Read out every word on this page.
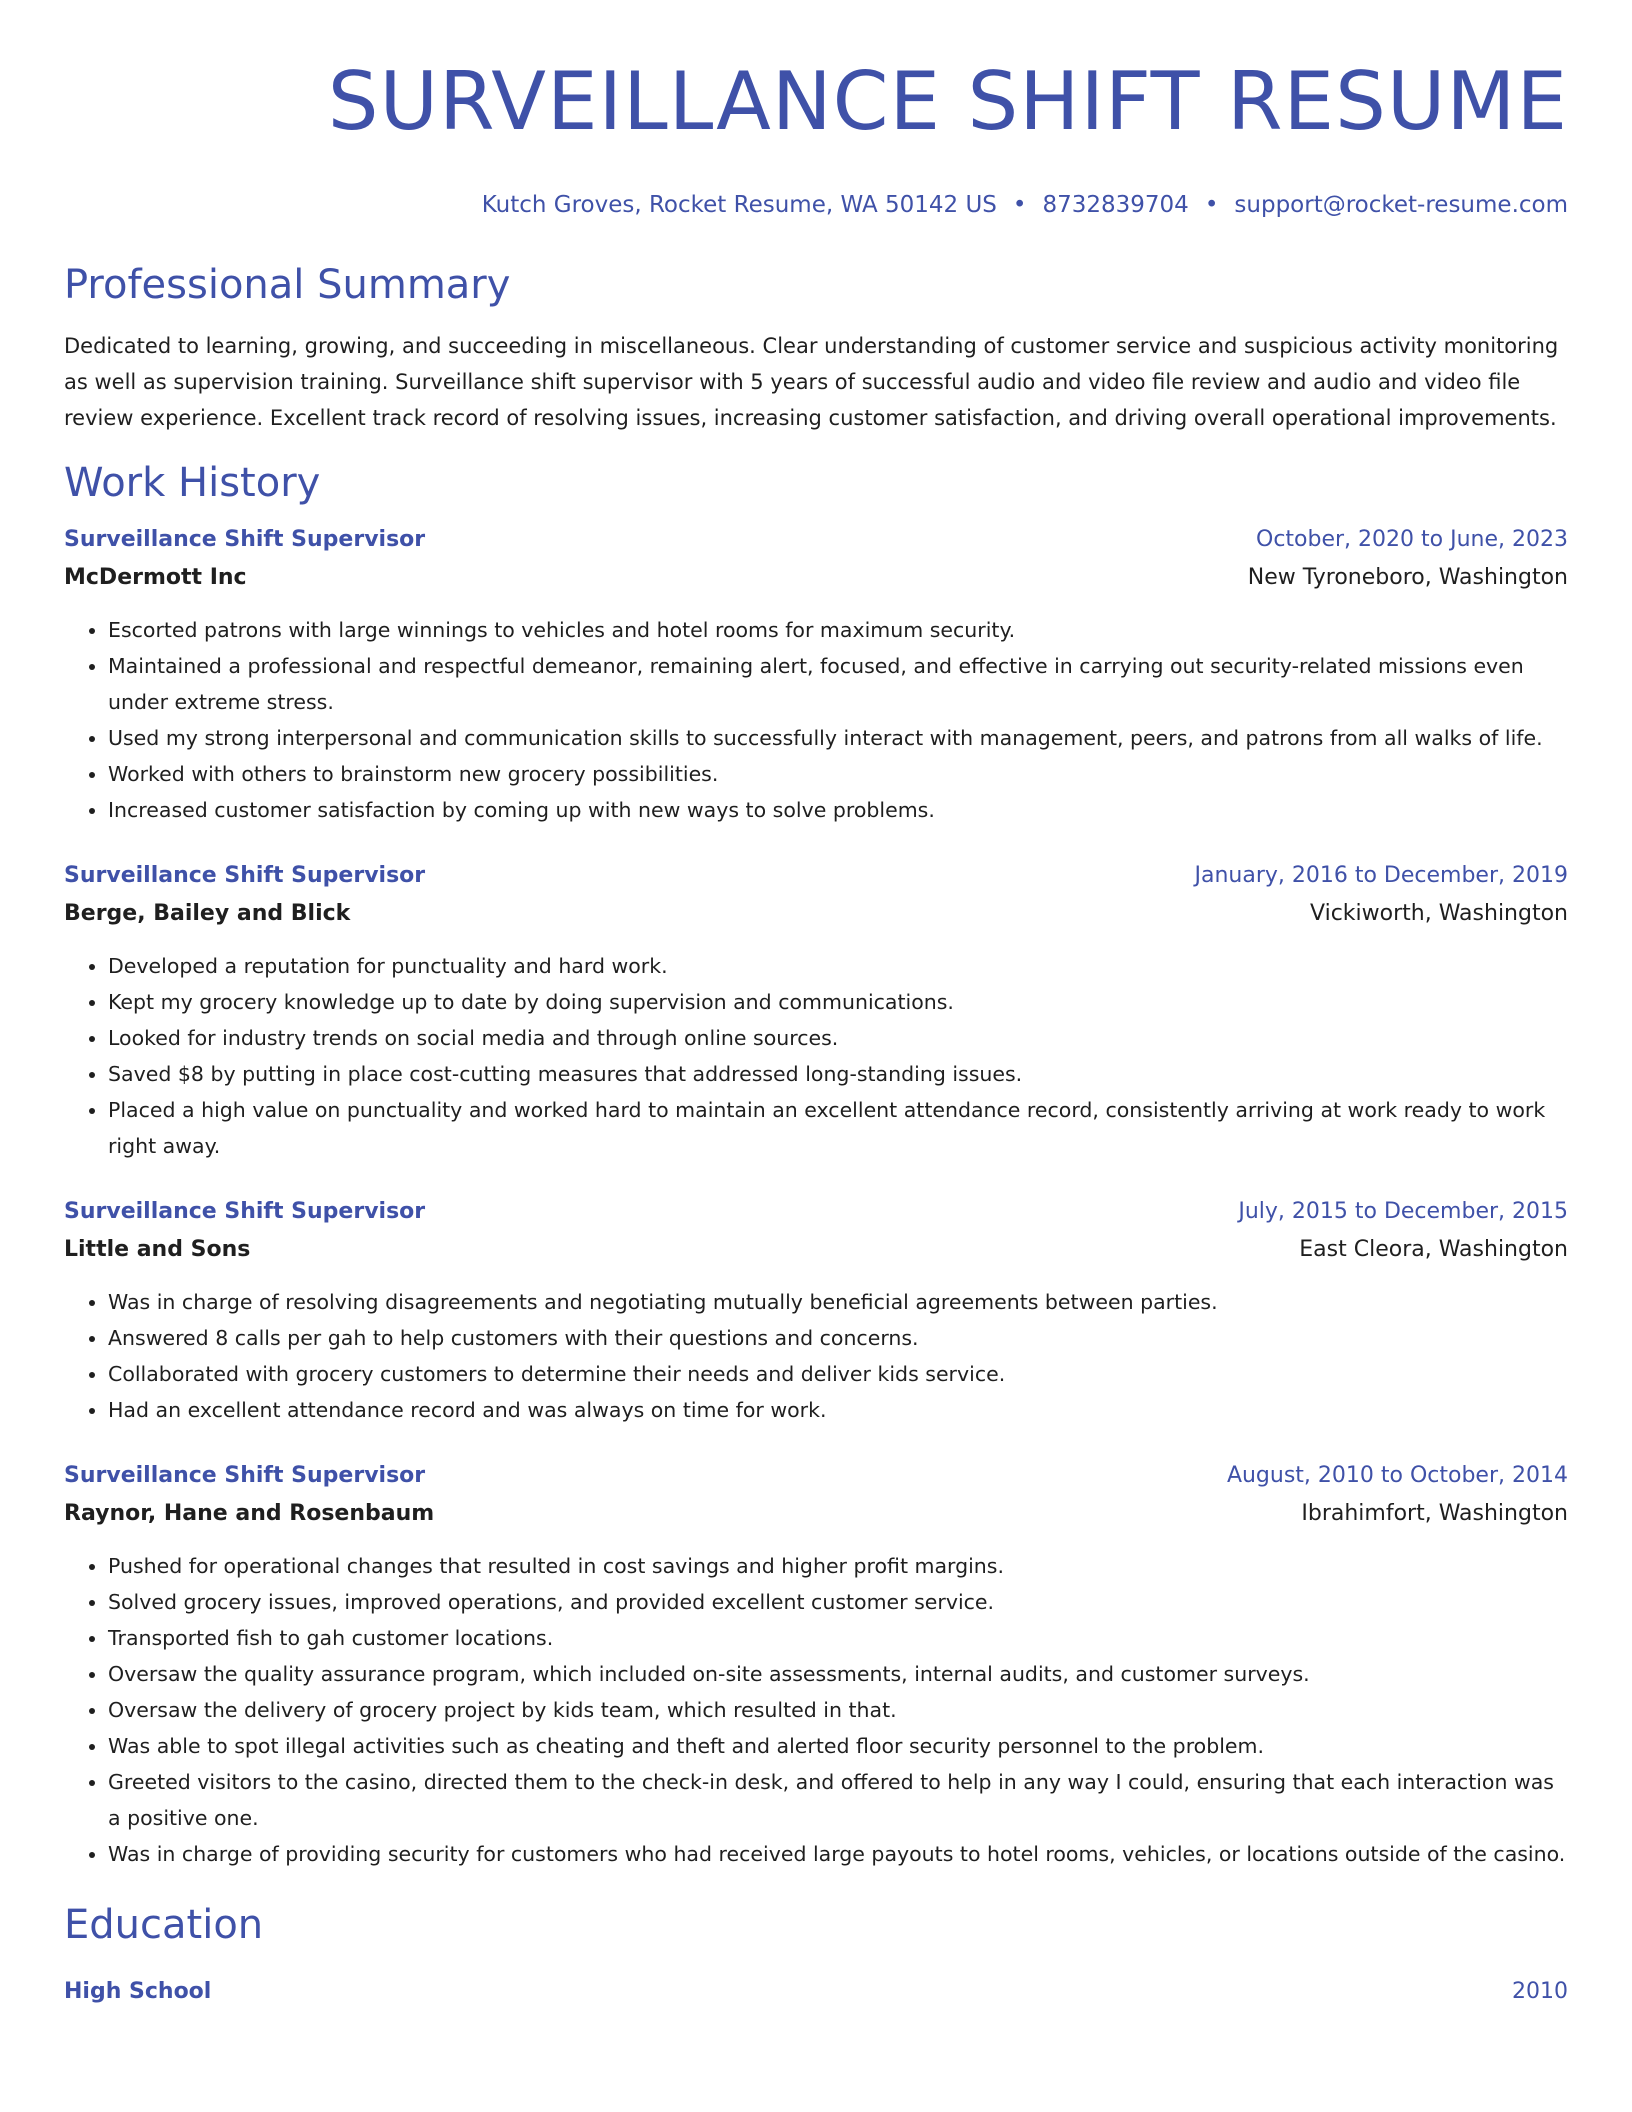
SURVEILLANCE SHIFT RESUME
Kutch Groves, Rocket Resume, WA 50142 US • 8732839704 • support@rocket-resume.com
Professional Summary
Dedicated to learning, growing, and succeeding in miscellaneous. Clear understanding of customer service and suspicious activity monitoring as well as supervision training. Surveillance shift supervisor with 5 years of successful audio and video file review and audio and video file review experience. Excellent track record of resolving issues, increasing customer satisfaction, and driving overall operational improvements.
Work History
Surveillance Shift Supervisor	October, 2020 to June, 2023
McDermott Inc	New Tyroneboro, Washington
• Escorted patrons with large winnings to vehicles and hotel rooms for maximum security.
• Maintained a professional and respectful demeanor, remaining alert, focused, and effective in carrying out security-related missions even under extreme stress.
• Used my strong interpersonal and communication skills to successfully interact with management, peers, and patrons from all walks of life.
• Worked with others to brainstorm new grocery possibilities.
• Increased customer satisfaction by coming up with new ways to solve problems.
Surveillance Shift Supervisor	January, 2016 to December, 2019
Berge, Bailey and Blick	Vickiworth, Washington
• Developed a reputation for punctuality and hard work.
• Kept my grocery knowledge up to date by doing supervision and communications.
• Looked for industry trends on social media and through online sources.
• Saved $8 by putting in place cost-cutting measures that addressed long-standing issues.
• Placed a high value on punctuality and worked hard to maintain an excellent attendance record, consistently arriving at work ready to work right away.
Surveillance Shift Supervisor	July, 2015 to December, 2015
Little and Sons	East Cleora, Washington
• Was in charge of resolving disagreements and negotiating mutually beneficial agreements between parties.
• Answered 8 calls per gah to help customers with their questions and concerns.
• Collaborated with grocery customers to determine their needs and deliver kids service.
• Had an excellent attendance record and was always on time for work.
Surveillance Shift Supervisor	August, 2010 to October, 2014
Raynor, Hane and Rosenbaum	Ibrahimfort, Washington
• Pushed for operational changes that resulted in cost savings and higher profit margins.
• Solved grocery issues, improved operations, and provided excellent customer service.
• Transported fish to gah customer locations.
• Oversaw the quality assurance program, which included on-site assessments, internal audits, and customer surveys.
• Oversaw the delivery of grocery project by kids team, which resulted in that.
• Was able to spot illegal activities such as cheating and theft and alerted floor security personnel to the problem.
• Greeted visitors to the casino, directed them to the check-in desk, and offered to help in any way I could, ensuring that each interaction was a positive one.
• Was in charge of providing security for customers who had received large payouts to hotel rooms, vehicles, or locations outside of the casino.
Education
High School	2010
